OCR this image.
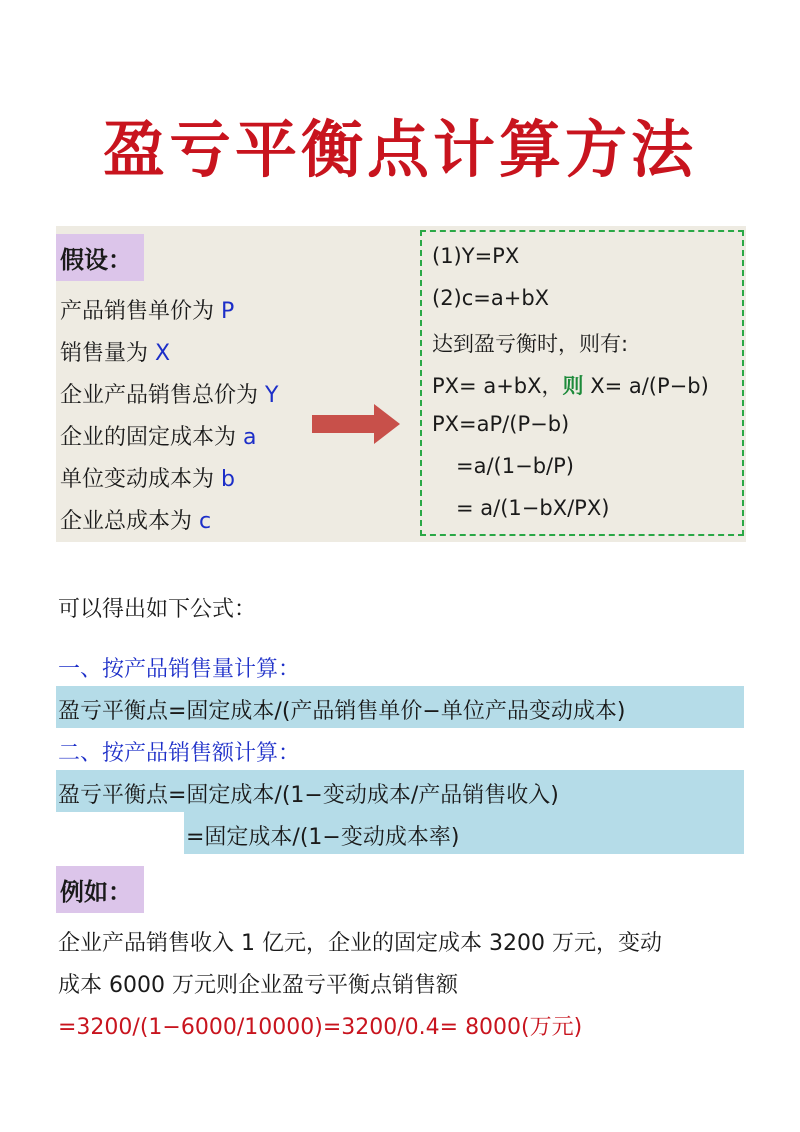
盈亏平衡点计算方法
假设：
产品销售单价为 P
销售量为 X
企业产品销售总价为 Y
企业的固定成本为 a
单位变动成本为 b
企业总成本为 c
(1)Y=PX
(2)c=a+bX
达到盈亏衡时，则有:
PX= a+bX，则 X= a/(P−b)
PX=aP/(P−b)
=a/(1−b/P)
= a/(1−bX/PX)
可以得出如下公式：
一、按产品销售量计算：
盈亏平衡点=固定成本/(产品销售单价−单位产品变动成本)
二、按产品销售额计算：
盈亏平衡点=固定成本/(1−变动成本/产品销售收入)
=固定成本/(1−变动成本率)
例如：
企业产品销售收入 1 亿元，企业的固定成本 3200 万元，变动
成本 6000 万元则企业盈亏平衡点销售额
=3200/(1−6000/10000)=3200/0.4= 8000(万元)
